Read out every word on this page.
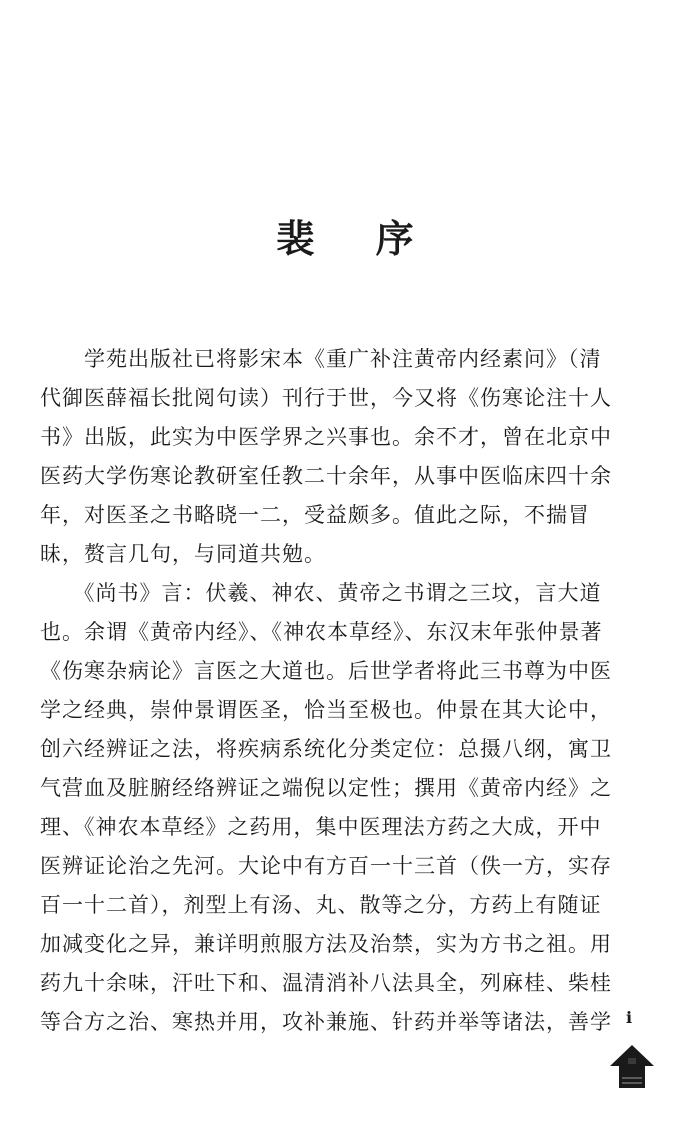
裴 序
　　学苑出版社已将影宋本《重广补注黄帝内经素问》（清
代御医薛福长批阅句读）刊行于世，今又将《伤寒论注十人
书》出版，此实为中医学界之兴事也。余不才，曾在北京中
医药大学伤寒论教研室任教二十余年，从事中医临床四十余
年，对医圣之书略晓一二，受益颇多。值此之际，不揣冒
昧，赘言几句，与同道共勉。
　　《尚书》言：伏羲、神农、黄帝之书谓之三坟，言大道
也。余谓《黄帝内经》、《神农本草经》、东汉末年张仲景著
《伤寒杂病论》言医之大道也。后世学者将此三书尊为中医
学之经典，崇仲景谓医圣，恰当至极也。仲景在其大论中，
创六经辨证之法，将疾病系统化分类定位：总摄八纲，寓卫
气营血及脏腑经络辨证之端倪以定性；撰用《黄帝内经》之
理、《神农本草经》之药用，集中医理法方药之大成，开中
医辨证论治之先河。大论中有方百一十三首（佚一方，实存
百一十二首），剂型上有汤、丸、散等之分，方药上有随证
加减变化之异，兼详明煎服方法及治禁，实为方书之祖。用
药九十余味，汗吐下和、温清消补八法具全，列麻桂、柴桂
等合方之治、寒热并用，攻补兼施、针药并举等诸法，善学 i
